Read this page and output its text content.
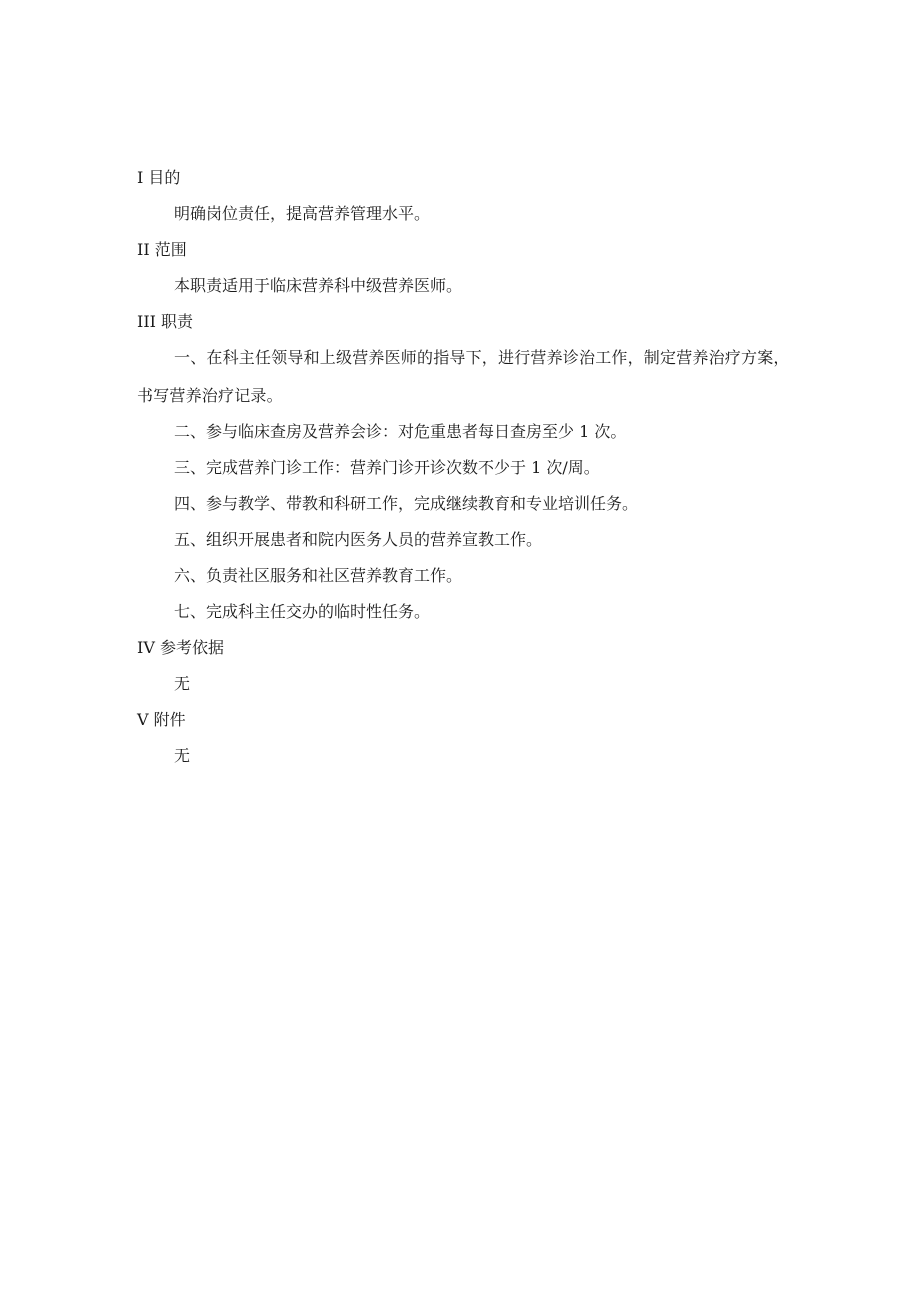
I 目的

明确岗位责任，提高营养管理水平。

II 范围

本职责适用于临床营养科中级营养医师。

III 职责

一、在科主任领导和上级营养医师的指导下，进行营养诊治工作，制定营养治疗方案，书写营养治疗记录。

二、参与临床查房及营养会诊：对危重患者每日查房至少 1 次。

三、完成营养门诊工作：营养门诊开诊次数不少于 1 次/周。

四、参与教学、带教和科研工作，完成继续教育和专业培训任务。

五、组织开展患者和院内医务人员的营养宣教工作。

六、负责社区服务和社区营养教育工作。

七、完成科主任交办的临时性任务。

IV 参考依据

无

V 附件

无
